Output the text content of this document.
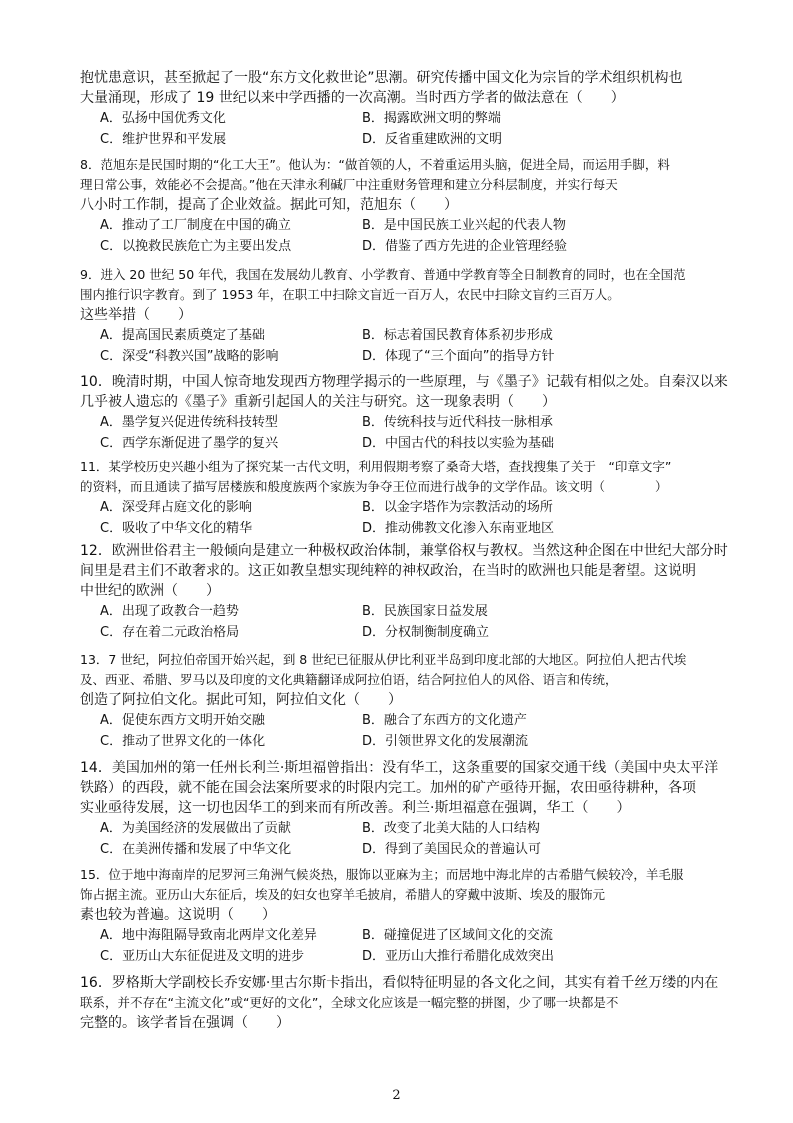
抱忧患意识，甚至掀起了一股“东方文化救世论”思潮。研究传播中国文化为宗旨的学术组织机构也
大量涌现，形成了 19 世纪以来中学西播的一次高潮。当时西方学者的做法意在（　　）
A．弘扬中国优秀文化	B．揭露欧洲文明的弊端
C．维护世界和平发展	D．反省重建欧洲的文明
8．范旭东是民国时期的“化工大王”。他认为：“做首领的人，不着重运用头脑，促进全局，而运用手脚，料
理日常公事，效能必不会提高。”他在天津永利碱厂中注重财务管理和建立分科层制度，并实行每天
八小时工作制，提高了企业效益。据此可知，范旭东（　　）
A．推动了工厂制度在中国的确立	B．是中国民族工业兴起的代表人物
C．以挽救民族危亡为主要出发点	D．借鉴了西方先进的企业管理经验
9．进入 20 世纪 50 年代，我国在发展幼儿教育、小学教育、普通中学教育等全日制教育的同时，也在全国范
围内推行识字教育。到了 1953 年，在职工中扫除文盲近一百万人，农民中扫除文盲约三百万人。
这些举措（　　）
A．提高国民素质奠定了基础	B．标志着国民教育体系初步形成
C．深受“科教兴国”战略的影响	D．体现了“三个面向”的指导方针
10．晚清时期，中国人惊奇地发现西方物理学揭示的一些原理，与《墨子》记载有相似之处。自秦汉以来
几乎被人遗忘的《墨子》重新引起国人的关注与研究。这一现象表明（　　）
A．墨学复兴促进传统科技转型	B．传统科技与近代科技一脉相承
C．西学东渐促进了墨学的复兴	D．中国古代的科技以实验为基础
11．某学校历史兴趣小组为了探究某一古代文明，利用假期考察了桑奇大塔，查找搜集了关于　“印章文字”
的资料，而且通读了描写居楼族和般度族两个家族为争夺王位而进行战争的文学作品。该文明（　　　　）
A．深受拜占庭文化的影响	B．以金字塔作为宗教活动的场所
C．吸收了中华文化的精华	D．推动佛教文化渗入东南亚地区
12．欧洲世俗君主一般倾向是建立一种极权政治体制，兼掌俗权与教权。当然这种企图在中世纪大部分时
间里是君主们不敢奢求的。这正如教皇想实现纯粹的神权政治，在当时的欧洲也只能是奢望。这说明
中世纪的欧洲（　　）
A．出现了政教合一趋势	B．民族国家日益发展
C．存在着二元政治格局	D．分权制衡制度确立
13．7 世纪，阿拉伯帝国开始兴起，到 8 世纪已征服从伊比利亚半岛到印度北部的大地区。阿拉伯人把古代埃
及、西亚、希腊、罗马以及印度的文化典籍翻译成阿拉伯语，结合阿拉伯人的风俗、语言和传统，
创造了阿拉伯文化。据此可知，阿拉伯文化（　　）
A．促使东西方文明开始交融	B．融合了东西方的文化遗产
C．推动了世界文化的一体化	D．引领世界文化的发展潮流
14．美国加州的第一任州长利兰·斯坦福曾指出：没有华工，这条重要的国家交通干线（美国中央太平洋
铁路）的西段，就不能在国会法案所要求的时限内完工。加州的矿产亟待开掘，农田亟待耕种，各项
实业亟待发展，这一切也因华工的到来而有所改善。利兰·斯坦福意在强调，华工（　　）
A．为美国经济的发展做出了贡献	B．改变了北美大陆的人口结构
C．在美洲传播和发展了中华文化	D．得到了美国民众的普遍认可
15．位于地中海南岸的尼罗河三角洲气候炎热，服饰以亚麻为主；而居地中海北岸的古希腊气候较冷，羊毛服
饰占据主流。亚历山大东征后，埃及的妇女也穿羊毛披肩，希腊人的穿戴中波斯、埃及的服饰元
素也较为普遍。这说明（　　）
A．地中海阻隔导致南北两岸文化差异	B．碰撞促进了区域间文化的交流
C．亚历山大东征促进及文明的进步	D．亚历山大推行希腊化成效突出
16．罗格斯大学副校长乔安娜·里古尔斯卡指出，看似特征明显的各文化之间，其实有着千丝万缕的内在
联系，并不存在“主流文化”或“更好的文化”，全球文化应该是一幅完整的拼图，少了哪一块都是不
完整的。该学者旨在强调（　　）
2
